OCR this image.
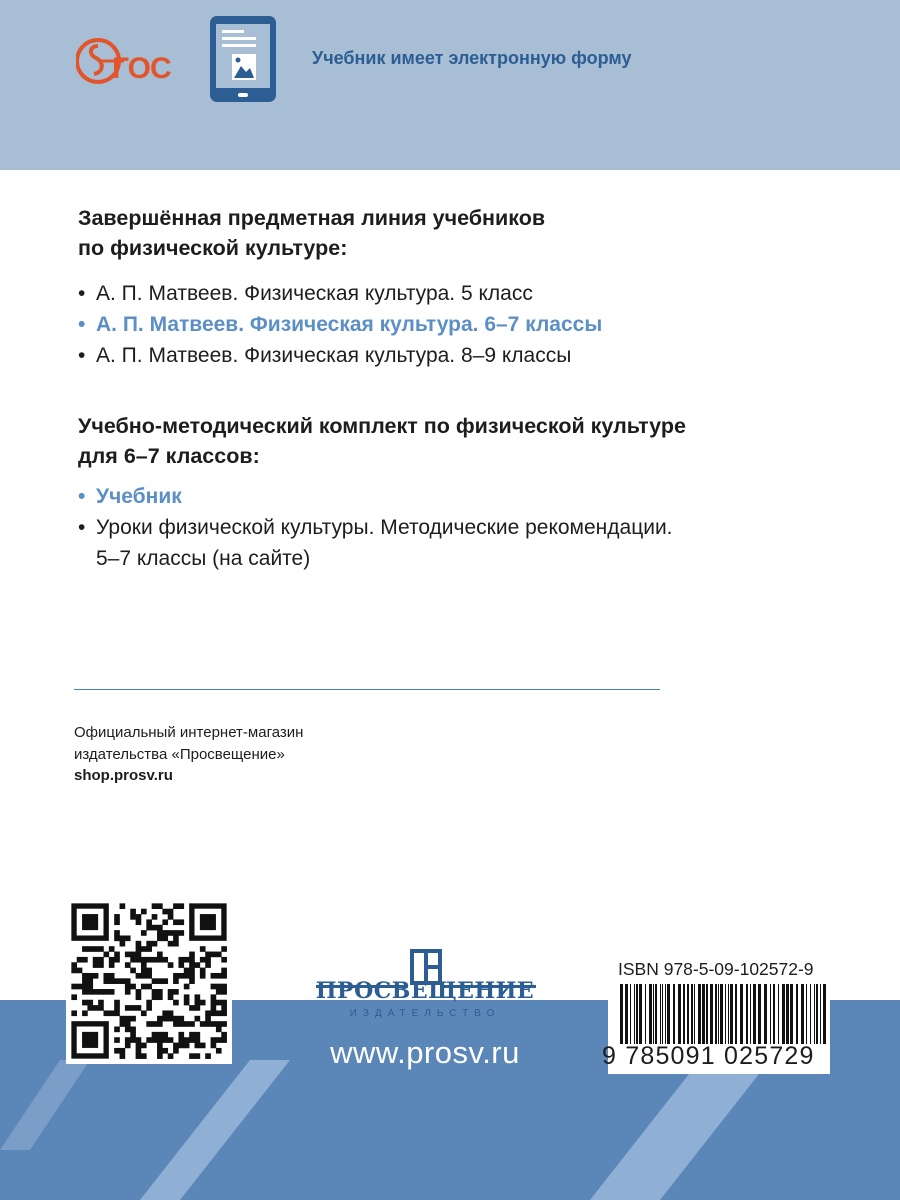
ГОС	Учебник имеет электронную форму
Завершённая предметная линия учебников
по физической культуре:
• А. П. Матвеев. Физическая культура. 5 класс
• А. П. Матвеев. Физическая культура. 6–7 классы
• А. П. Матвеев. Физическая культура. 8–9 классы
Учебно-методический комплект по физической культуре
для 6–7 классов:
• Учебник
• Уроки физической культуры. Методические рекомендации.
5–7 классы (на сайте)
Официальный интернет-магазин
издательства «Просвещение»
shop.prosv.ru
ПРОСВЕЩЕНИЕ
ИЗДАТЕЛЬСТВО
www.prosv.ru
ISBN 978-5-09-102572-9
9 785091 025729
